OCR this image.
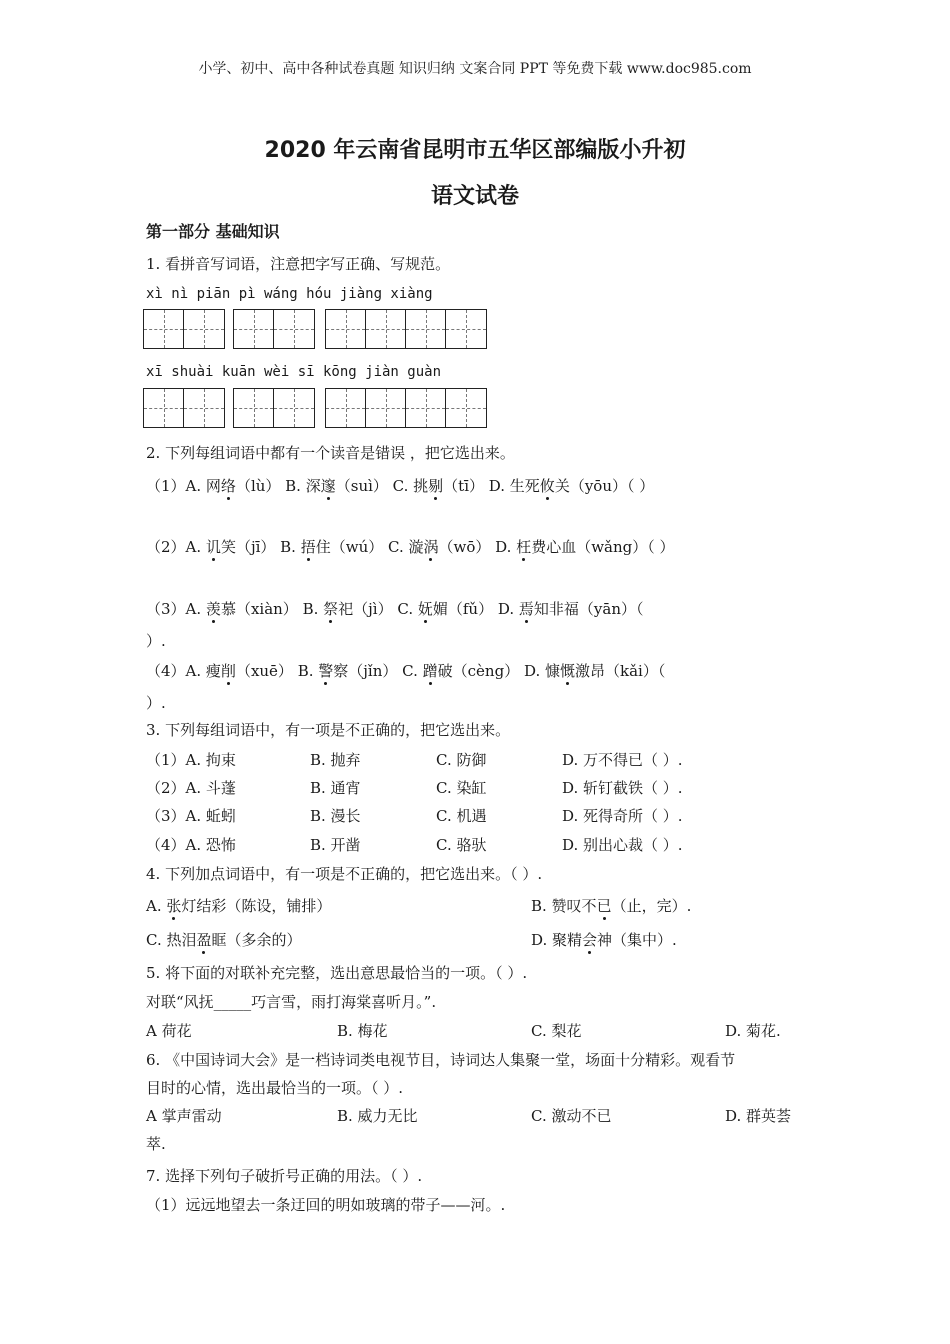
小学、初中、高中各种试卷真题 知识归纳 文案合同 PPT 等免费下载 www.doc985.com
2020 年云南省昆明市五华区部编版小升初
语文试卷
第一部分 基础知识
1. 看拼音写词语，注意把字写正确、写规范。
xì nì piān pì wáng hóu jiàng xiàng
xī shuài kuān wèi sī kōng jiàn guàn
2. 下列每组词语中都有一个读音是错误 ，把它选出来。
（1）A. 网络（lù） B. 深邃（suì） C. 挑剔（tī） D. 生死攸关（yōu）（ ）
（2）A. 讥笑（jī） B. 捂住（wú） C. 漩涡（wō） D. 枉费心血（wǎng）（ ）
（3）A. 羡慕（xiàn） B. 祭祀（jì） C. 妩媚（fǔ） D. 焉知非福（yān）（
）.
（4）A. 瘦削（xuē） B. 警察（jǐn） C. 蹭破（cèng） D. 慷慨激昂（kǎi）（
）.
3. 下列每组词语中，有一项是不正确的，把它选出来。
（1）A. 拘束	B. 抛弃	C. 防御	D. 万不得已（ ）.
（2）A. 斗蓬	B. 通宵	C. 染缸	D. 斩钉截铁（ ）.
（3）A. 蚯蚓	B. 漫长	C. 机遇	D. 死得奇所（ ）.
（4）A. 恐怖	B. 开凿	C. 骆驮	D. 别出心裁（ ）.
4. 下列加点词语中，有一项是不正确的，把它选出来。（ ）.
A. 张灯结彩（陈设，铺排）	B. 赞叹不已（止，完）.
C. 热泪盈眶（多余的）	D. 聚精会神（集中）.
5. 将下面的对联补充完整，选出意思最恰当的一项。（ ）.
对联“风抚_____巧言雪，雨打海棠喜听月。”.
A 荷花	B. 梅花	C. 梨花	D. 菊花.
6. 《中国诗词大会》是一档诗词类电视节目，诗词达人集聚一堂，场面十分精彩。观看节
目时的心情，选出最恰当的一项。（ ）.
A 掌声雷动	B. 威力无比	C. 激动不已	D. 群英荟
萃.
7. 选择下列句子破折号正确的用法。（ ）.
（1）远远地望去一条迂回的明如玻璃的带子——河。.
